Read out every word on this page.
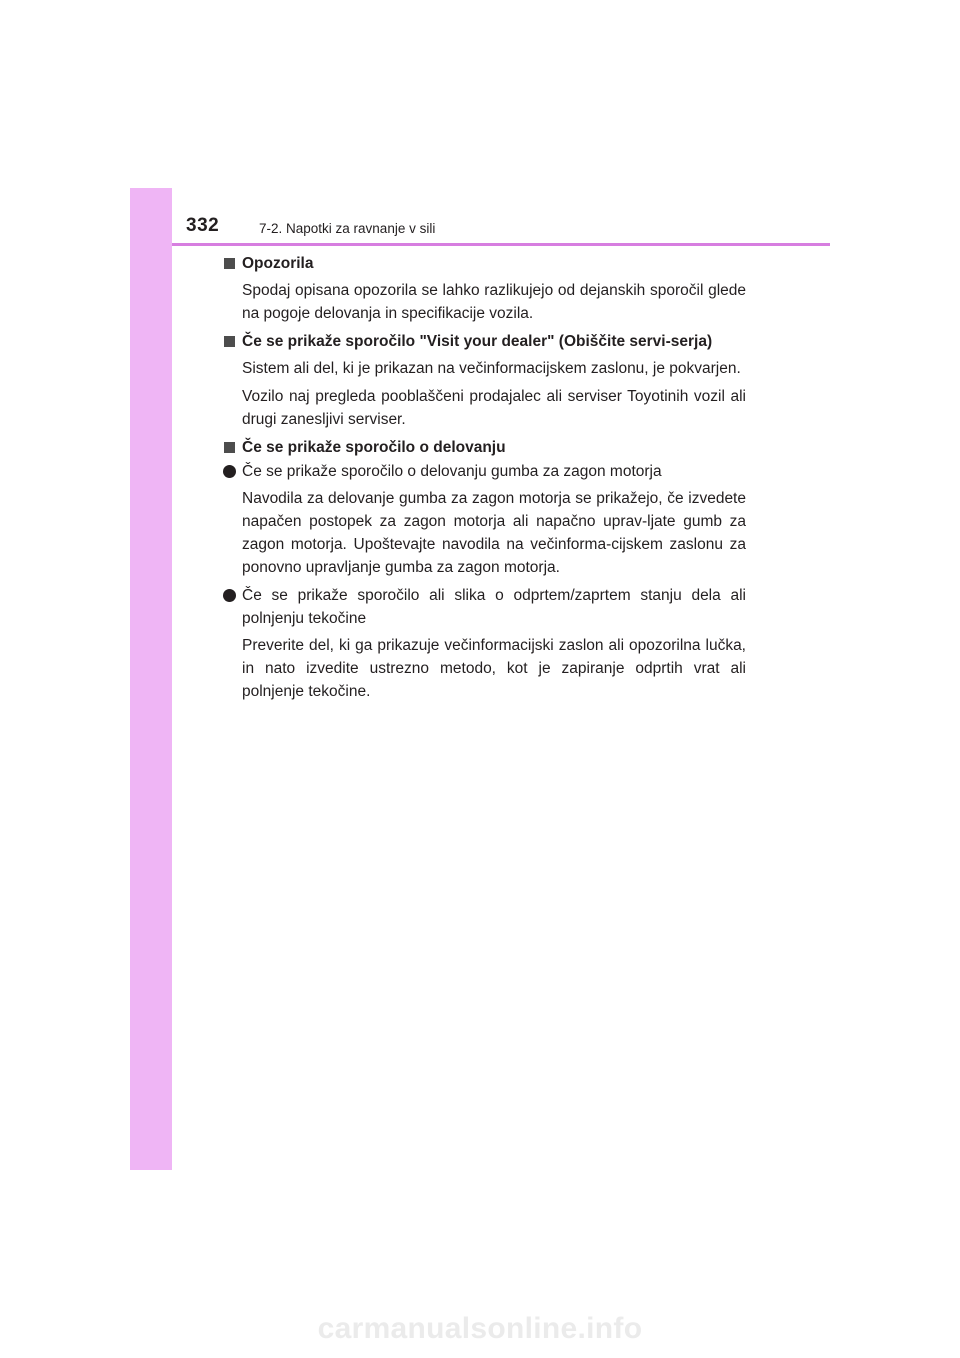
332	7-2. Napotki za ravnanje v sili
Opozorila

Spodaj opisana opozorila se lahko razlikujejo od dejanskih sporočil glede na pogoje delovanja in specifikacije vozila.

Če se prikaže sporočilo "Visit your dealer" (Obiščite servi-serja)

Sistem ali del, ki je prikazan na večinformacijskem zaslonu, je pokvarjen.

Vozilo naj pregleda pooblaščeni prodajalec ali serviser Toyotinih vozil ali drugi zanesljivi serviser.

Če se prikaže sporočilo o delovanju
Če se prikaže sporočilo o delovanju gumba za zagon motorja

Navodila za delovanje gumba za zagon motorja se prikažejo, če izvedete napačen postopek za zagon motorja ali napačno uprav-ljate gumb za zagon motorja. Upoštevajte navodila na večinforma-cijskem zaslonu za ponovno upravljanje gumba za zagon motorja.

Če se prikaže sporočilo ali slika o odprtem/zaprtem stanju dela ali polnjenju tekočine

Preverite del, ki ga prikazuje večinformacijski zaslon ali opozorilna lučka, in nato izvedite ustrezno metodo, kot je zapiranje odprtih vrat ali polnjenje tekočine.

carmanualsonline.info
